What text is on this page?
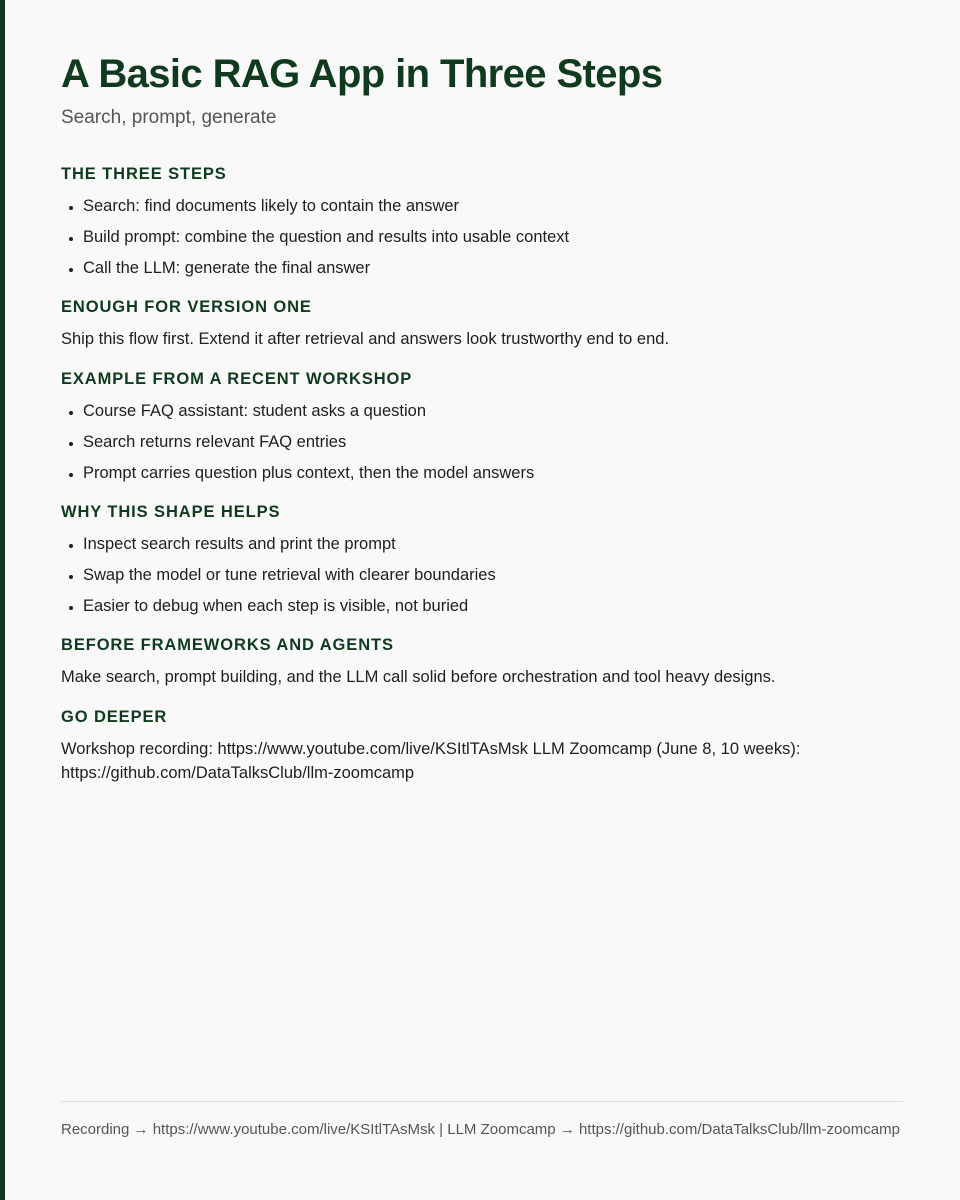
A Basic RAG App in Three Steps
Search, prompt, generate
THE THREE STEPS
• Search: find documents likely to contain the answer
• Build prompt: combine the question and results into usable context
• Call the LLM: generate the final answer
ENOUGH FOR VERSION ONE

Ship this flow first. Extend it after retrieval and answers look trustworthy end to end.

EXAMPLE FROM A RECENT WORKSHOP
• Course FAQ assistant: student asks a question
• Search returns relevant FAQ entries
• Prompt carries question plus context, then the model answers
WHY THIS SHAPE HELPS
• Inspect search results and print the prompt
• Swap the model or tune retrieval with clearer boundaries
• Easier to debug when each step is visible, not buried
BEFORE FRAMEWORKS AND AGENTS

Make search, prompt building, and the LLM call solid before orchestration and tool heavy designs.

GO DEEPER

Workshop recording: https://www.youtube.com/live/KSItlTAsMsk LLM Zoomcamp (June 8, 10 weeks): https://github.com/DataTalksClub/llm-zoomcamp

Recording → https://www.youtube.com/live/KSItlTAsMsk | LLM Zoomcamp → https://github.com/DataTalksClub/llm-zoomcamp
